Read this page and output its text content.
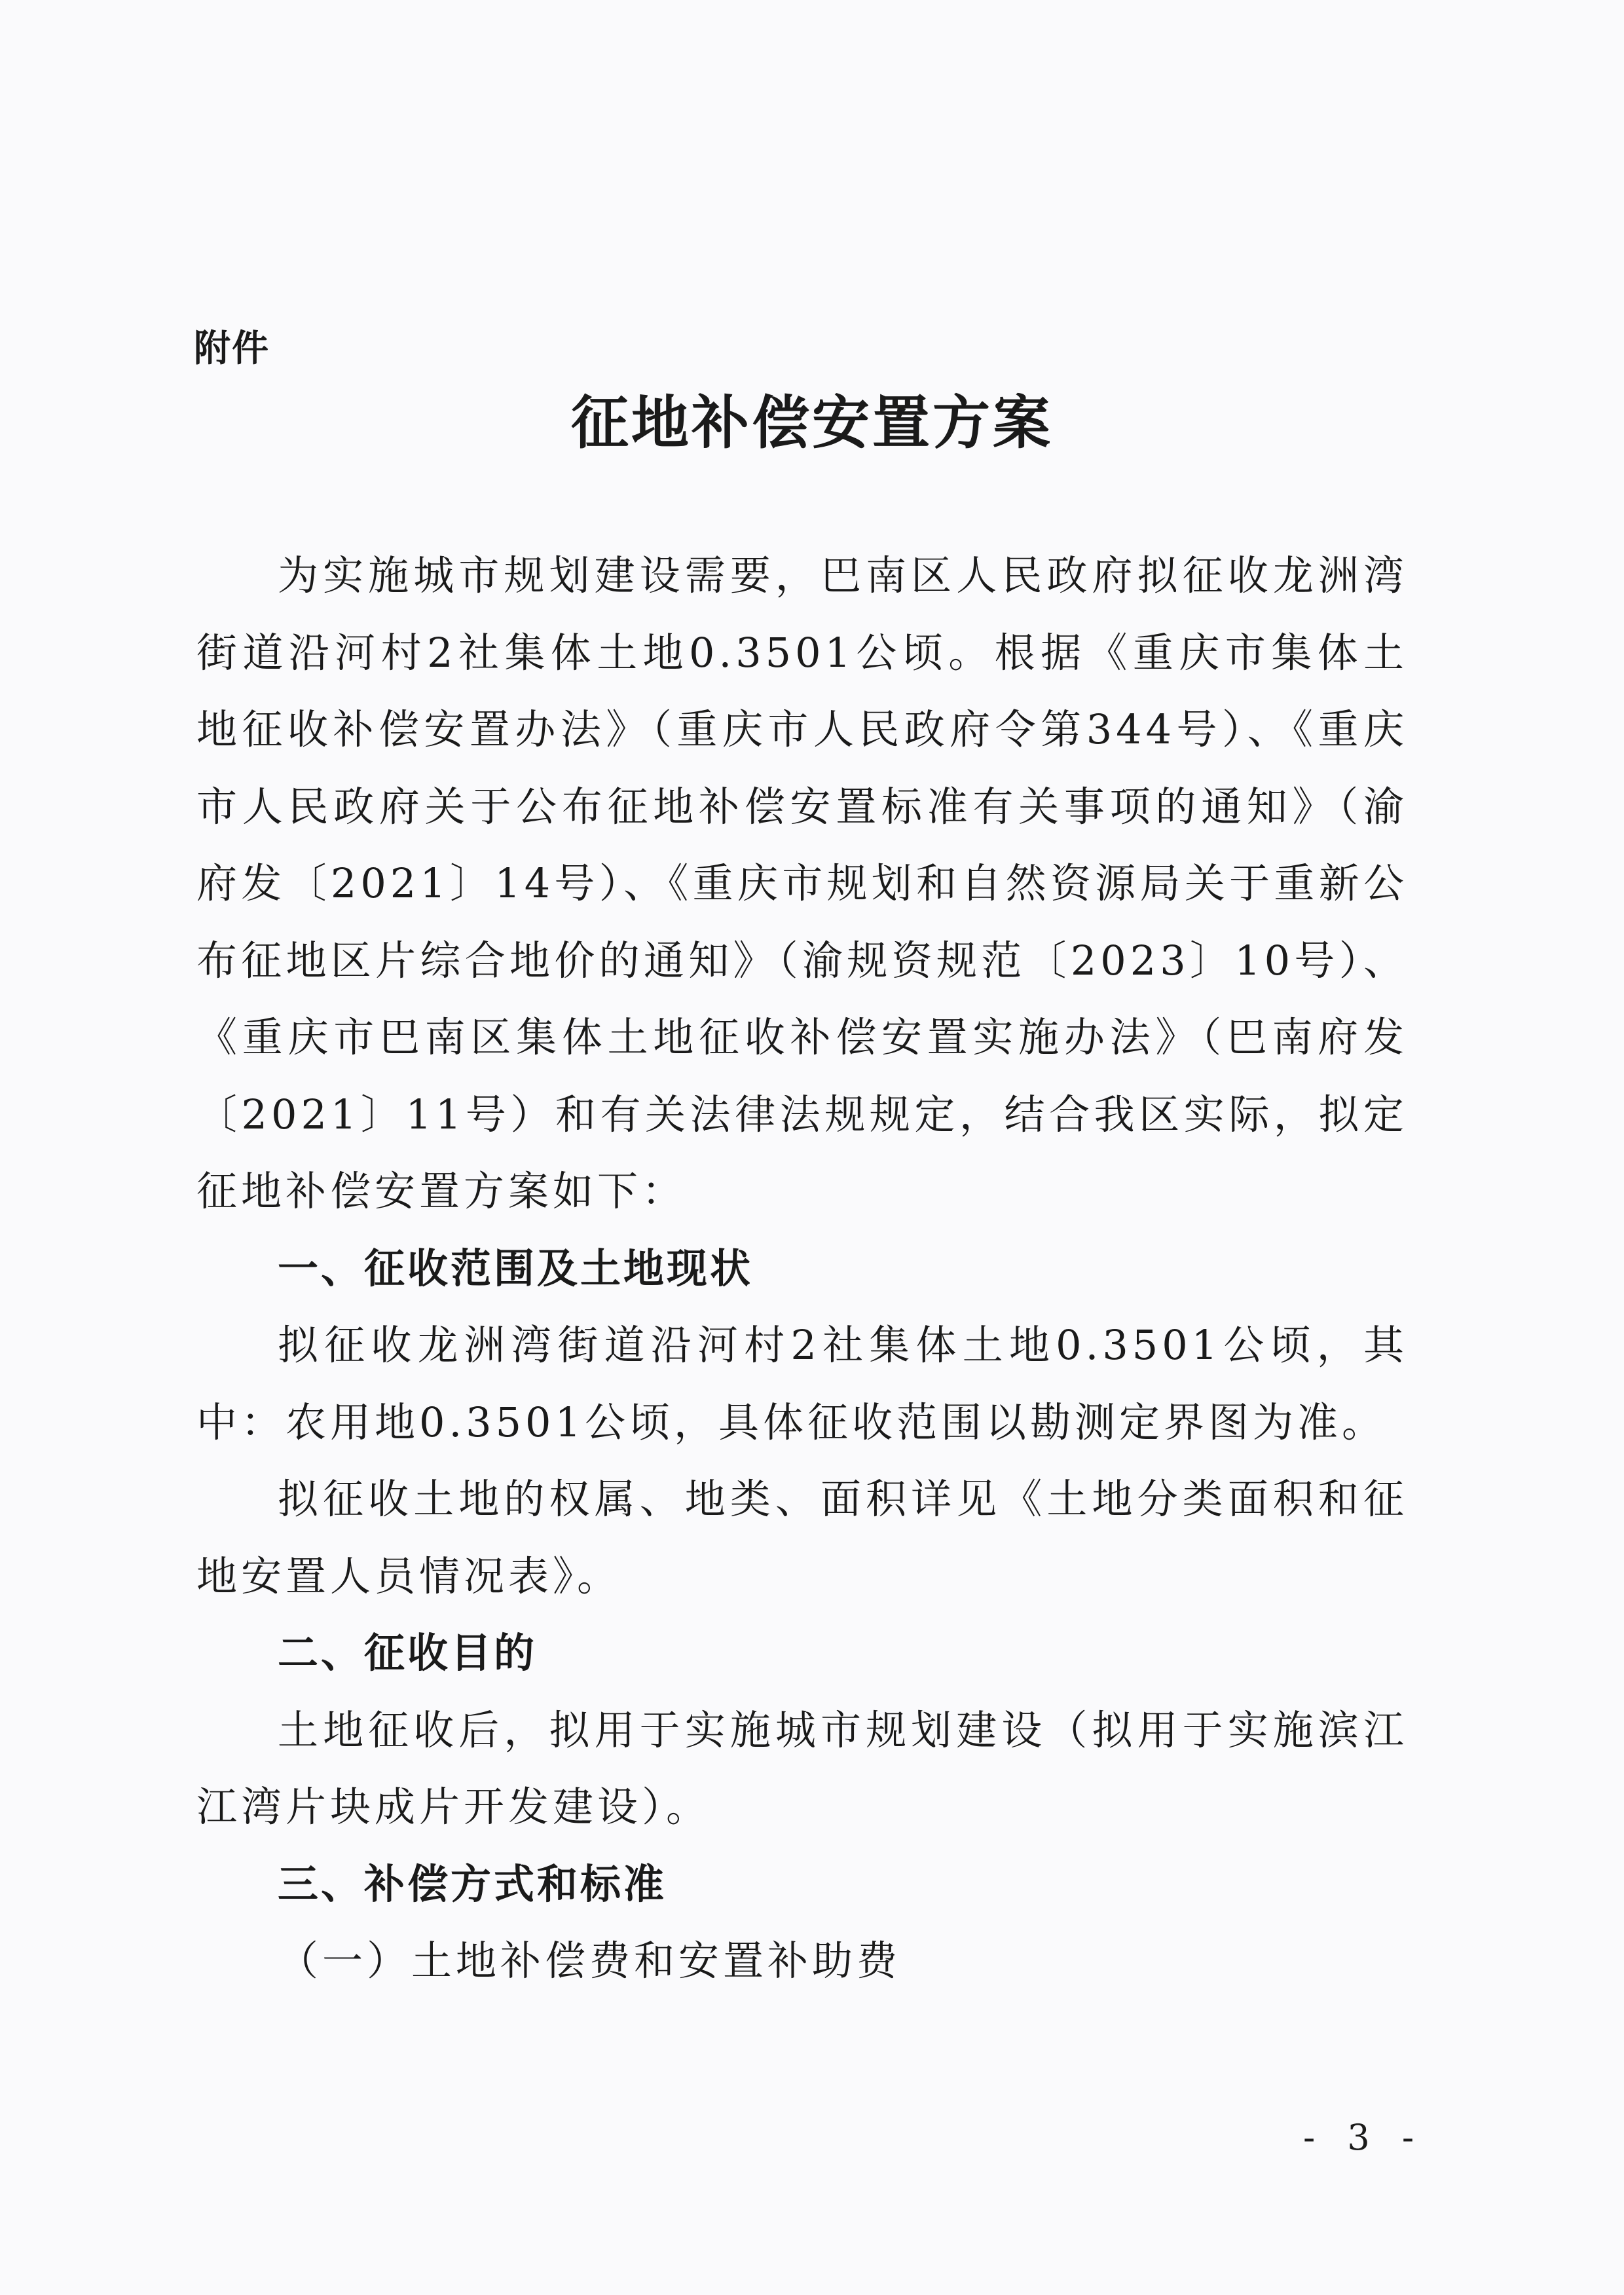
附件
征地补偿安置方案

为实施城市规划建设需要，巴南区人民政府拟征收龙洲湾街道沿河村2社集体土地0.3501公顷。根据《重庆市集体土地征收补偿安置办法》（重庆市人民政府令第344号）、《重庆市人民政府关于公布征地补偿安置标准有关事项的通知》（渝府发〔2021〕14号）、《重庆市规划和自然资源局关于重新公布征地区片综合地价的通知》（渝规资规范〔2023〕10号）、《重庆市巴南区集体土地征收补偿安置实施办法》（巴南府发〔2021〕11号）和有关法律法规规定，结合我区实际，拟定征地补偿安置方案如下：

一、征收范围及土地现状

拟征收龙洲湾街道沿河村2社集体土地0.3501公顷，其中：农用地0.3501公顷，具体征收范围以勘测定界图为准。

拟征收土地的权属、地类、面积详见《土地分类面积和征地安置人员情况表》。

二、征收目的

土地征收后，拟用于实施城市规划建设（拟用于实施滨江江湾片块成片开发建设）。

三、补偿方式和标准

（一）土地补偿费和安置补助费

- 3 -
